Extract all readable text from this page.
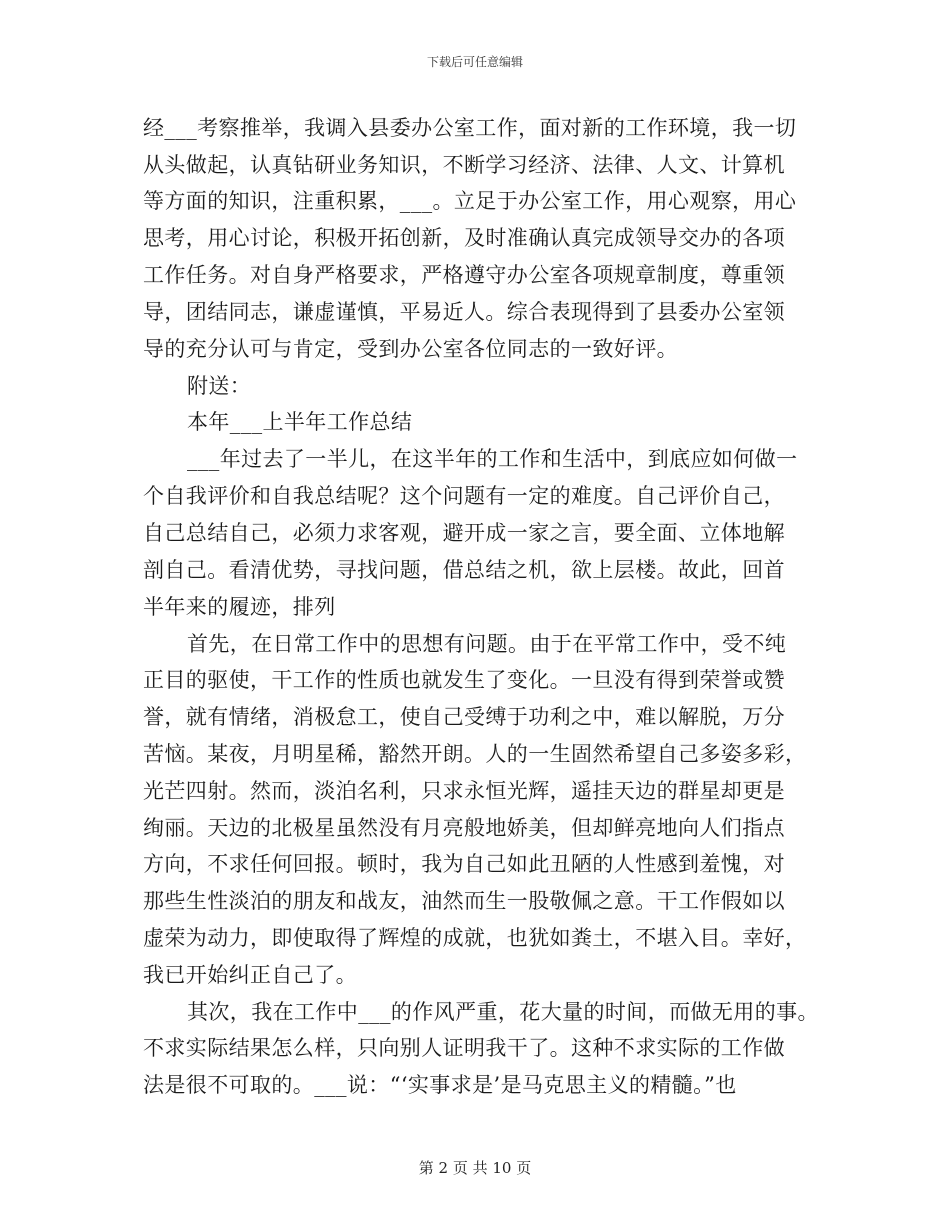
下载后可任意编辑
经___考察推举，我调入县委办公室工作，面对新的工作环境，我一切
从头做起，认真钻研业务知识，不断学习经济、法律、人文、计算机
等方面的知识，注重积累，___。立足于办公室工作，用心观察，用心
思考，用心讨论，积极开拓创新，及时准确认真完成领导交办的各项
工作任务。对自身严格要求，严格遵守办公室各项规章制度，尊重领
导，团结同志，谦虚谨慎，平易近人。综合表现得到了县委办公室领
导的充分认可与肯定，受到办公室各位同志的一致好评。
附送：
本年___上半年工作总结
___年过去了一半儿，在这半年的工作和生活中，到底应如何做一
个自我评价和自我总结呢？这个问题有一定的难度。自己评价自己，
自己总结自己，必须力求客观，避开成一家之言，要全面、立体地解
剖自己。看清优势，寻找问题，借总结之机，欲上层楼。故此，回首
半年来的履迹，排列
首先，在日常工作中的思想有问题。由于在平常工作中，受不纯
正目的驱使，干工作的性质也就发生了变化。一旦没有得到荣誉或赞
誉，就有情绪，消极怠工，使自己受缚于功利之中，难以解脱，万分
苦恼。某夜，月明星稀，豁然开朗。人的一生固然希望自己多姿多彩，
光芒四射。然而，淡泊名利，只求永恒光辉，遥挂天边的群星却更是
绚丽。天边的北极星虽然没有月亮般地娇美，但却鲜亮地向人们指点
方向，不求任何回报。顿时，我为自己如此丑陋的人性感到羞愧，对
那些生性淡泊的朋友和战友，油然而生一股敬佩之意。干工作假如以
虚荣为动力，即使取得了辉煌的成就，也犹如粪土，不堪入目。幸好，
我已开始纠正自己了。
其次，我在工作中___的作风严重，花大量的时间，而做无用的事。
不求实际结果怎么样，只向别人证明我干了。这种不求实际的工作做
法是很不可取的。___说：“‘实事求是’是马克思主义的精髓。”也
第 2 页 共 10 页
